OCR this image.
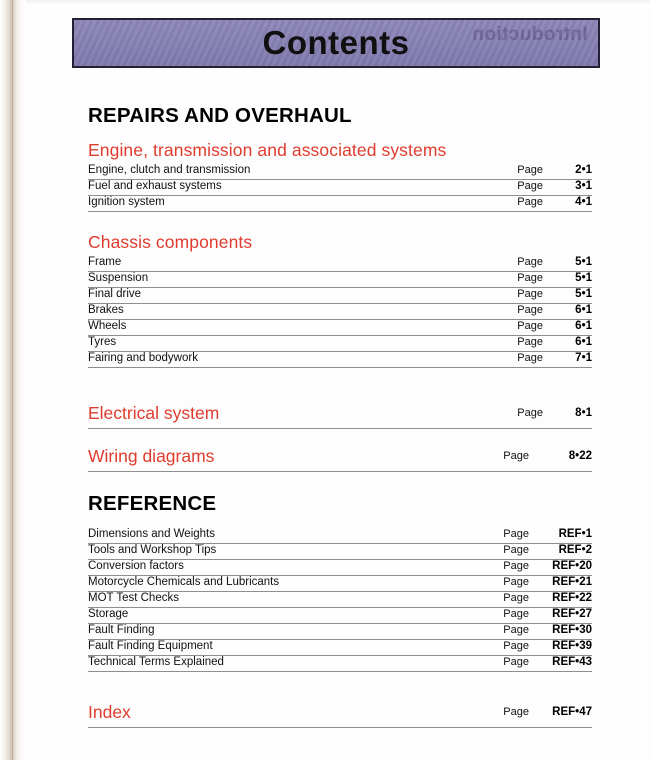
Introduction
Contents
REPAIRS AND OVERHAUL
Engine, transmission and associated systems
Engine, clutch and transmission	Page	2•1
Fuel and exhaust systems	Page	3•1
Ignition system	Page	4•1
Chassis components
Frame	Page	5•1
Suspension	Page	5•1
Final drive	Page	5•1
Brakes	Page	6•1
Wheels	Page	6•1
Tyres	Page	6•1
Fairing and bodywork	Page	7•1
Electrical system	Page	8•1
Wiring diagrams	Page	8•22
REFERENCE
Dimensions and Weights	Page	REF•1
Tools and Workshop Tips	Page	REF•2
Conversion factors	Page	REF•20
Motorcycle Chemicals and Lubricants	Page	REF•21
MOT Test Checks	Page	REF•22
Storage	Page	REF•27
Fault Finding	Page	REF•30
Fault Finding Equipment	Page	REF•39
Technical Terms Explained	Page	REF•43
Index	Page	REF•47
